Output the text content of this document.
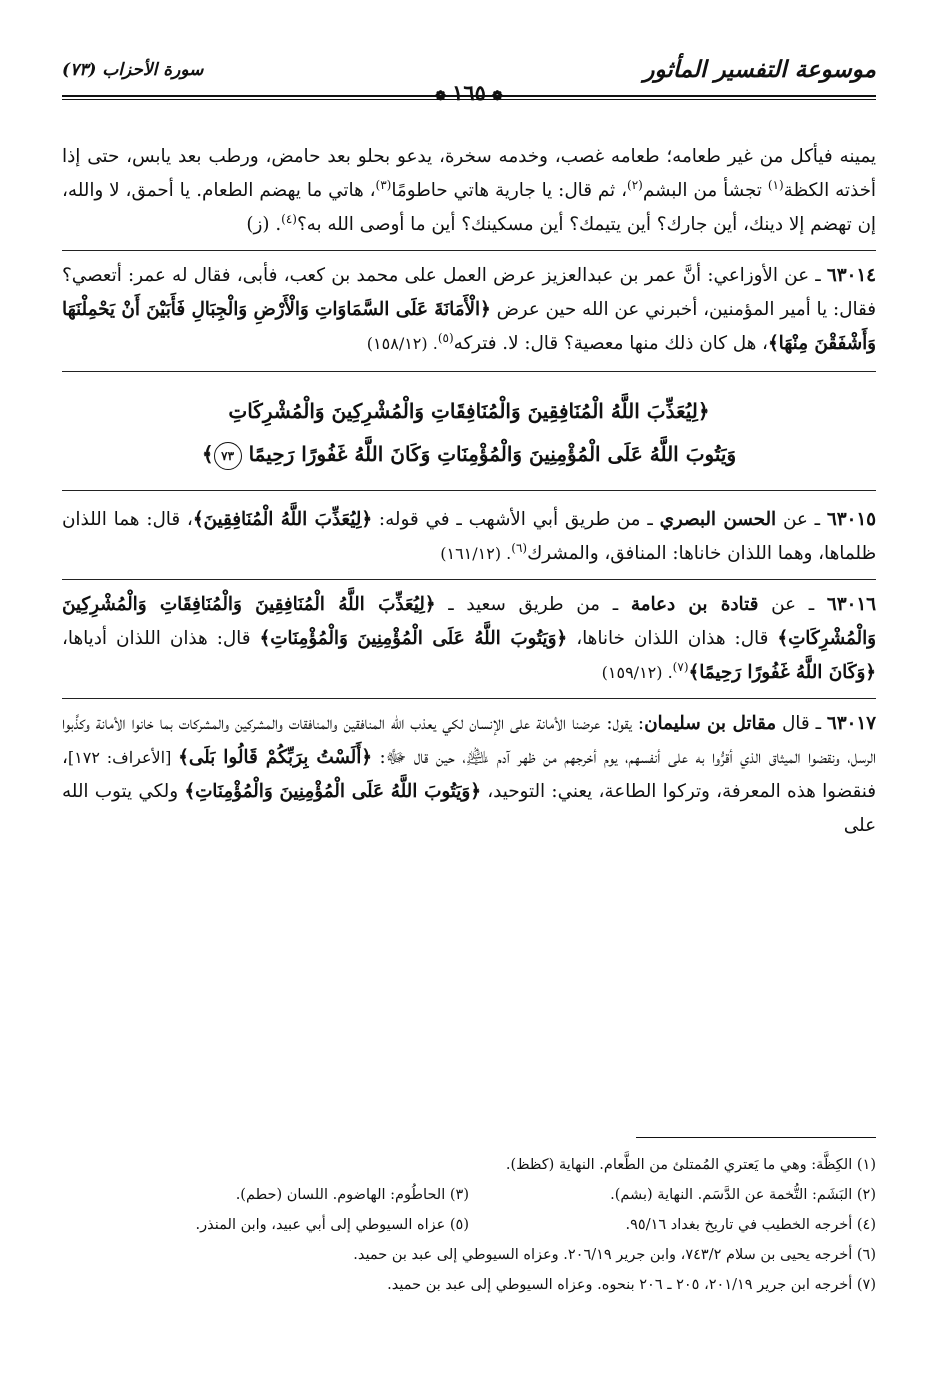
موسوعة التفسير المأثور
❁١٦٥❁
سورة الأحزاب (٧٣)

يمينه فيأكل من غير طعامه؛ طعامه غصب، وخدمه سخرة، يدعو بحلو بعد حامض، ورطب بعد يابس، حتى إذا أخذته الكظة$^{(١)}$ تجشأ من البشم$^{(٢)}$، ثم قال: يا جارية هاتي حاطومًا$^{(٣)}$، هاتي ما يهضم الطعام. يا أحمق، لا والله، إن تهضم إلا دينك، أين جارك؟ أين يتيمك؟ أين مسكينك؟ أين ما أوصى الله به؟$^{(٤)}$. (ز)

٦٣٠١٤ ـ عن الأوزاعي: أنَّ عمر بن عبدالعزيز عرض العمل على محمد بن كعب، فأبى، فقال له عمر: أتعصي؟ فقال: يا أمير المؤمنين، أخبرني عن الله حين عرض ﴿الْأَمَانَةَ عَلَى السَّمَاوَاتِ وَالْأَرْضِ وَالْجِبَالِ فَأَبَيْنَ أَنْ يَحْمِلْنَهَا وَأَشْفَقْنَ مِنْهَا﴾، هل كان ذلك منها معصية؟ قال: لا. فتركه$^{(٥)}$. (١٥٨/١٢)

﴿لِيُعَذِّبَ اللَّهُ الْمُنَافِقِينَ وَالْمُنَافِقَاتِ وَالْمُشْرِكِينَ وَالْمُشْرِكَاتِ
وَيَتُوبَ اللَّهُ عَلَى الْمُؤْمِنِينَ وَالْمُؤْمِنَاتِ وَكَانَ اللَّهُ غَفُورًا رَحِيمًا ٧٣﴾

٦٣٠١٥ ـ عن الحسن البصري ـ من طريق أبي الأشهب ـ في قوله: ﴿لِيُعَذِّبَ اللَّهُ الْمُنَافِقِينَ﴾، قال: هما اللذان ظلماها، وهما اللذان خاناها: المنافق، والمشرك$^{(٦)}$. (١٦١/١٢)

٦٣٠١٦ ـ عن قتادة بن دعامة ـ من طريق سعيد ـ ﴿لِيُعَذِّبَ اللَّهُ الْمُنَافِقِينَ وَالْمُنَافِقَاتِ وَالْمُشْرِكِينَ وَالْمُشْرِكَاتِ﴾ قال: هذان اللذان خاناها، ﴿وَيَتُوبَ اللَّهُ عَلَى الْمُؤْمِنِينَ وَالْمُؤْمِنَاتِ﴾ قال: هذان اللذان أدياها، ﴿وَكَانَ اللَّهُ غَفُورًا رَحِيمًا﴾$^{(٧)}$. (١٥٩/١٢)

٦٣٠١٧ ـ قال مقاتل بن سليمان: يقول: عرضنا الأمانة على الإنسان لكي يعذب الله المنافقين والمنافقات والمشركين والمشركات بما خانوا الأمانة وكذَّبوا الرسل، ونقضوا الميثاق الذي أقرُّوا به على أنفسهم، يوم أخرجهم من ظهر آدم ﵇، حين قال ﷻ: ﴿أَلَسْتُ بِرَبِّكُمْ قَالُوا بَلَى﴾ [الأعراف: ١٧٢]، فنقضوا هذه المعرفة، وتركوا الطاعة، يعني: التوحيد، ﴿وَيَتُوبَ اللَّهُ عَلَى الْمُؤْمِنِينَ وَالْمُؤْمِنَاتِ﴾ ولكي يتوب الله على

(١) الكِظَّة: وهي ما يَعتري المُمتلئ من الطَّعام. النهاية (كظظ).
(٢) البَشَم: التُّخمة عن الدَّسَم. النهاية (بشم).
(٣) الحاطُوم: الهاضوم. اللسان (حطم).
(٤) أخرجه الخطيب في تاريخ بغداد ٩٥/١٦.
(٥) عزاه السيوطي إلى أبي عبيد، وابن المنذر.
(٦) أخرجه يحيى بن سلام ٧٤٣/٢، وابن جرير ٢٠٦/١٩. وعزاه السيوطي إلى عبد بن حميد.
(٧) أخرجه ابن جرير ٢٠١/١٩، ٢٠٥ ـ ٢٠٦ بنحوه. وعزاه السيوطي إلى عبد بن حميد.
